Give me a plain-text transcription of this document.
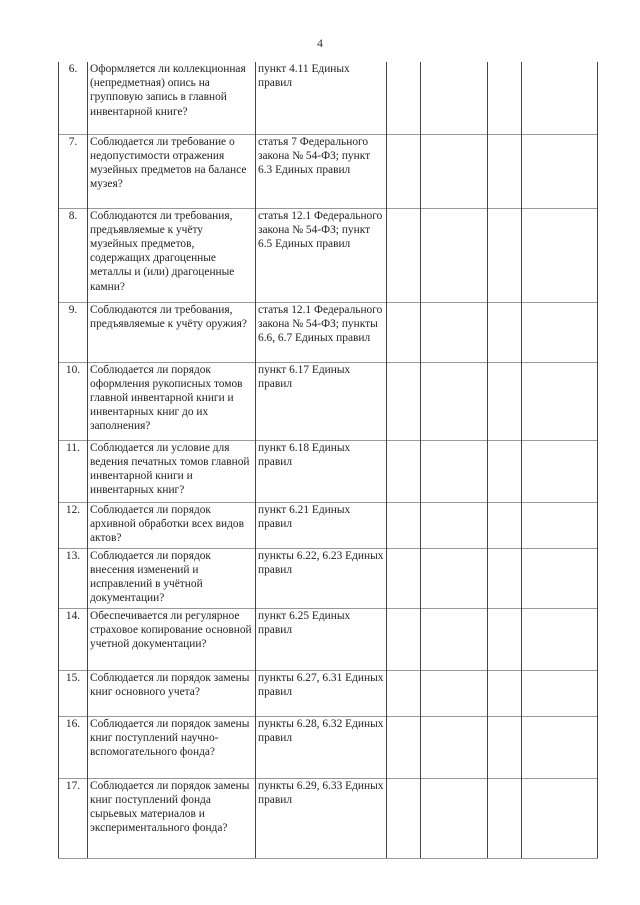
4
6.	Оформляется ли коллекционная (непредметная) опись на групповую запись в главной инвентарной книге?	пункт 4.11 Единых правил				
7.	Соблюдается ли требование о недопустимости отражения музейных предметов на балансе музея?	статья 7 Федерального закона № 54-ФЗ; пункт 6.3 Единых правил				
8.	Соблюдаются ли требования, предъявляемые к учёту музейных предметов, содержащих драгоценные металлы и (или) драгоценные камни?	статья 12.1 Федерального закона № 54-ФЗ; пункт 6.5 Единых правил				
9.	Соблюдаются ли требования, предъявляемые к учёту оружия?	статья 12.1 Федерального закона № 54-ФЗ; пункты 6.6, 6.7 Единых правил				
10.	Соблюдается ли порядок оформления рукописных томов главной инвентарной книги и инвентарных книг до их заполнения?	пункт 6.17 Единых правил				
11.	Соблюдается ли условие для ведения печатных томов главной инвентарной книги и инвентарных книг?	пункт 6.18 Единых правил				
12.	Соблюдается ли порядок архивной обработки всех видов актов?	пункт 6.21 Единых правил				
13.	Соблюдается ли порядок внесения изменений и исправлений в учётной документации?	пункты 6.22, 6.23 Единых правил				
14.	Обеспечивается ли регулярное страховое копирование основной учетной документации?	пункт 6.25 Единых правил				
15.	Соблюдается ли порядок замены книг основного учета?	пункты 6.27, 6.31 Единых правил				
16.	Соблюдается ли порядок замены книг поступлений научно-вспомогательного фонда?	пункты 6.28, 6.32 Единых правил				
17.	Соблюдается ли порядок замены книг поступлений фонда сырьевых материалов и экспериментального фонда?	пункты 6.29, 6.33 Единых правил				
